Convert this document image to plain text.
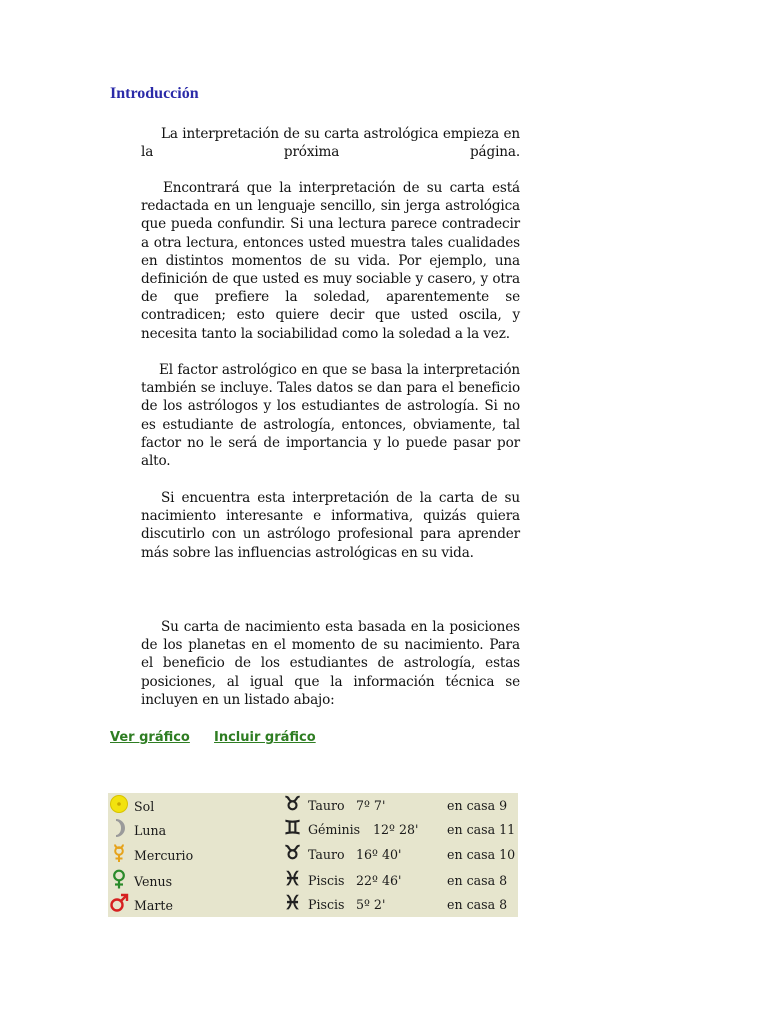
Introducción

La interpretación de su carta astrológica empieza en la próxima página.

Encontrará que la interpretación de su carta está redactada en un lenguaje sencillo, sin jerga astrológica que pueda confundir. Si una lectura parece contradecir a otra lectura, entonces usted muestra tales cualidades en distintos momentos de su vida. Por ejemplo, una definición de que usted es muy sociable y casero, y otra de que prefiere la soledad, aparentemente se contradicen; esto quiere decir que usted oscila, y necesita tanto la sociabilidad como la soledad a la vez.

El factor astrológico en que se basa la interpretación también se incluye. Tales datos se dan para el beneficio de los astrólogos y los estudiantes de astrología. Si no es estudiante de astrología, entonces, obviamente, tal factor no le será de importancia y lo puede pasar por alto.

Si encuentra esta interpretación de la carta de su nacimiento interesante e informativa, quizás quiera discutirlo con un astrólogo profesional para aprender más sobre las influencias astrológicas en su vida.

Su carta de nacimiento esta basada en la posiciones de los planetas en el momento de su nacimiento. Para el beneficio de los estudiantes de astrología, estas posiciones, al igual que la información técnica se incluyen en un listado abajo:

Ver gráfico Incluir gráfico
Sol	♉︎ Tauro 7º 7'	en casa 9
Luna	♊︎ Géminis 12º 28' en casa 11
Mercurio	♉︎ Tauro 16º 40'	en casa 10
Venus	♓︎ Piscis 22º 46'	en casa 8
Marte	♓︎ Piscis 5º 2'	en casa 8
